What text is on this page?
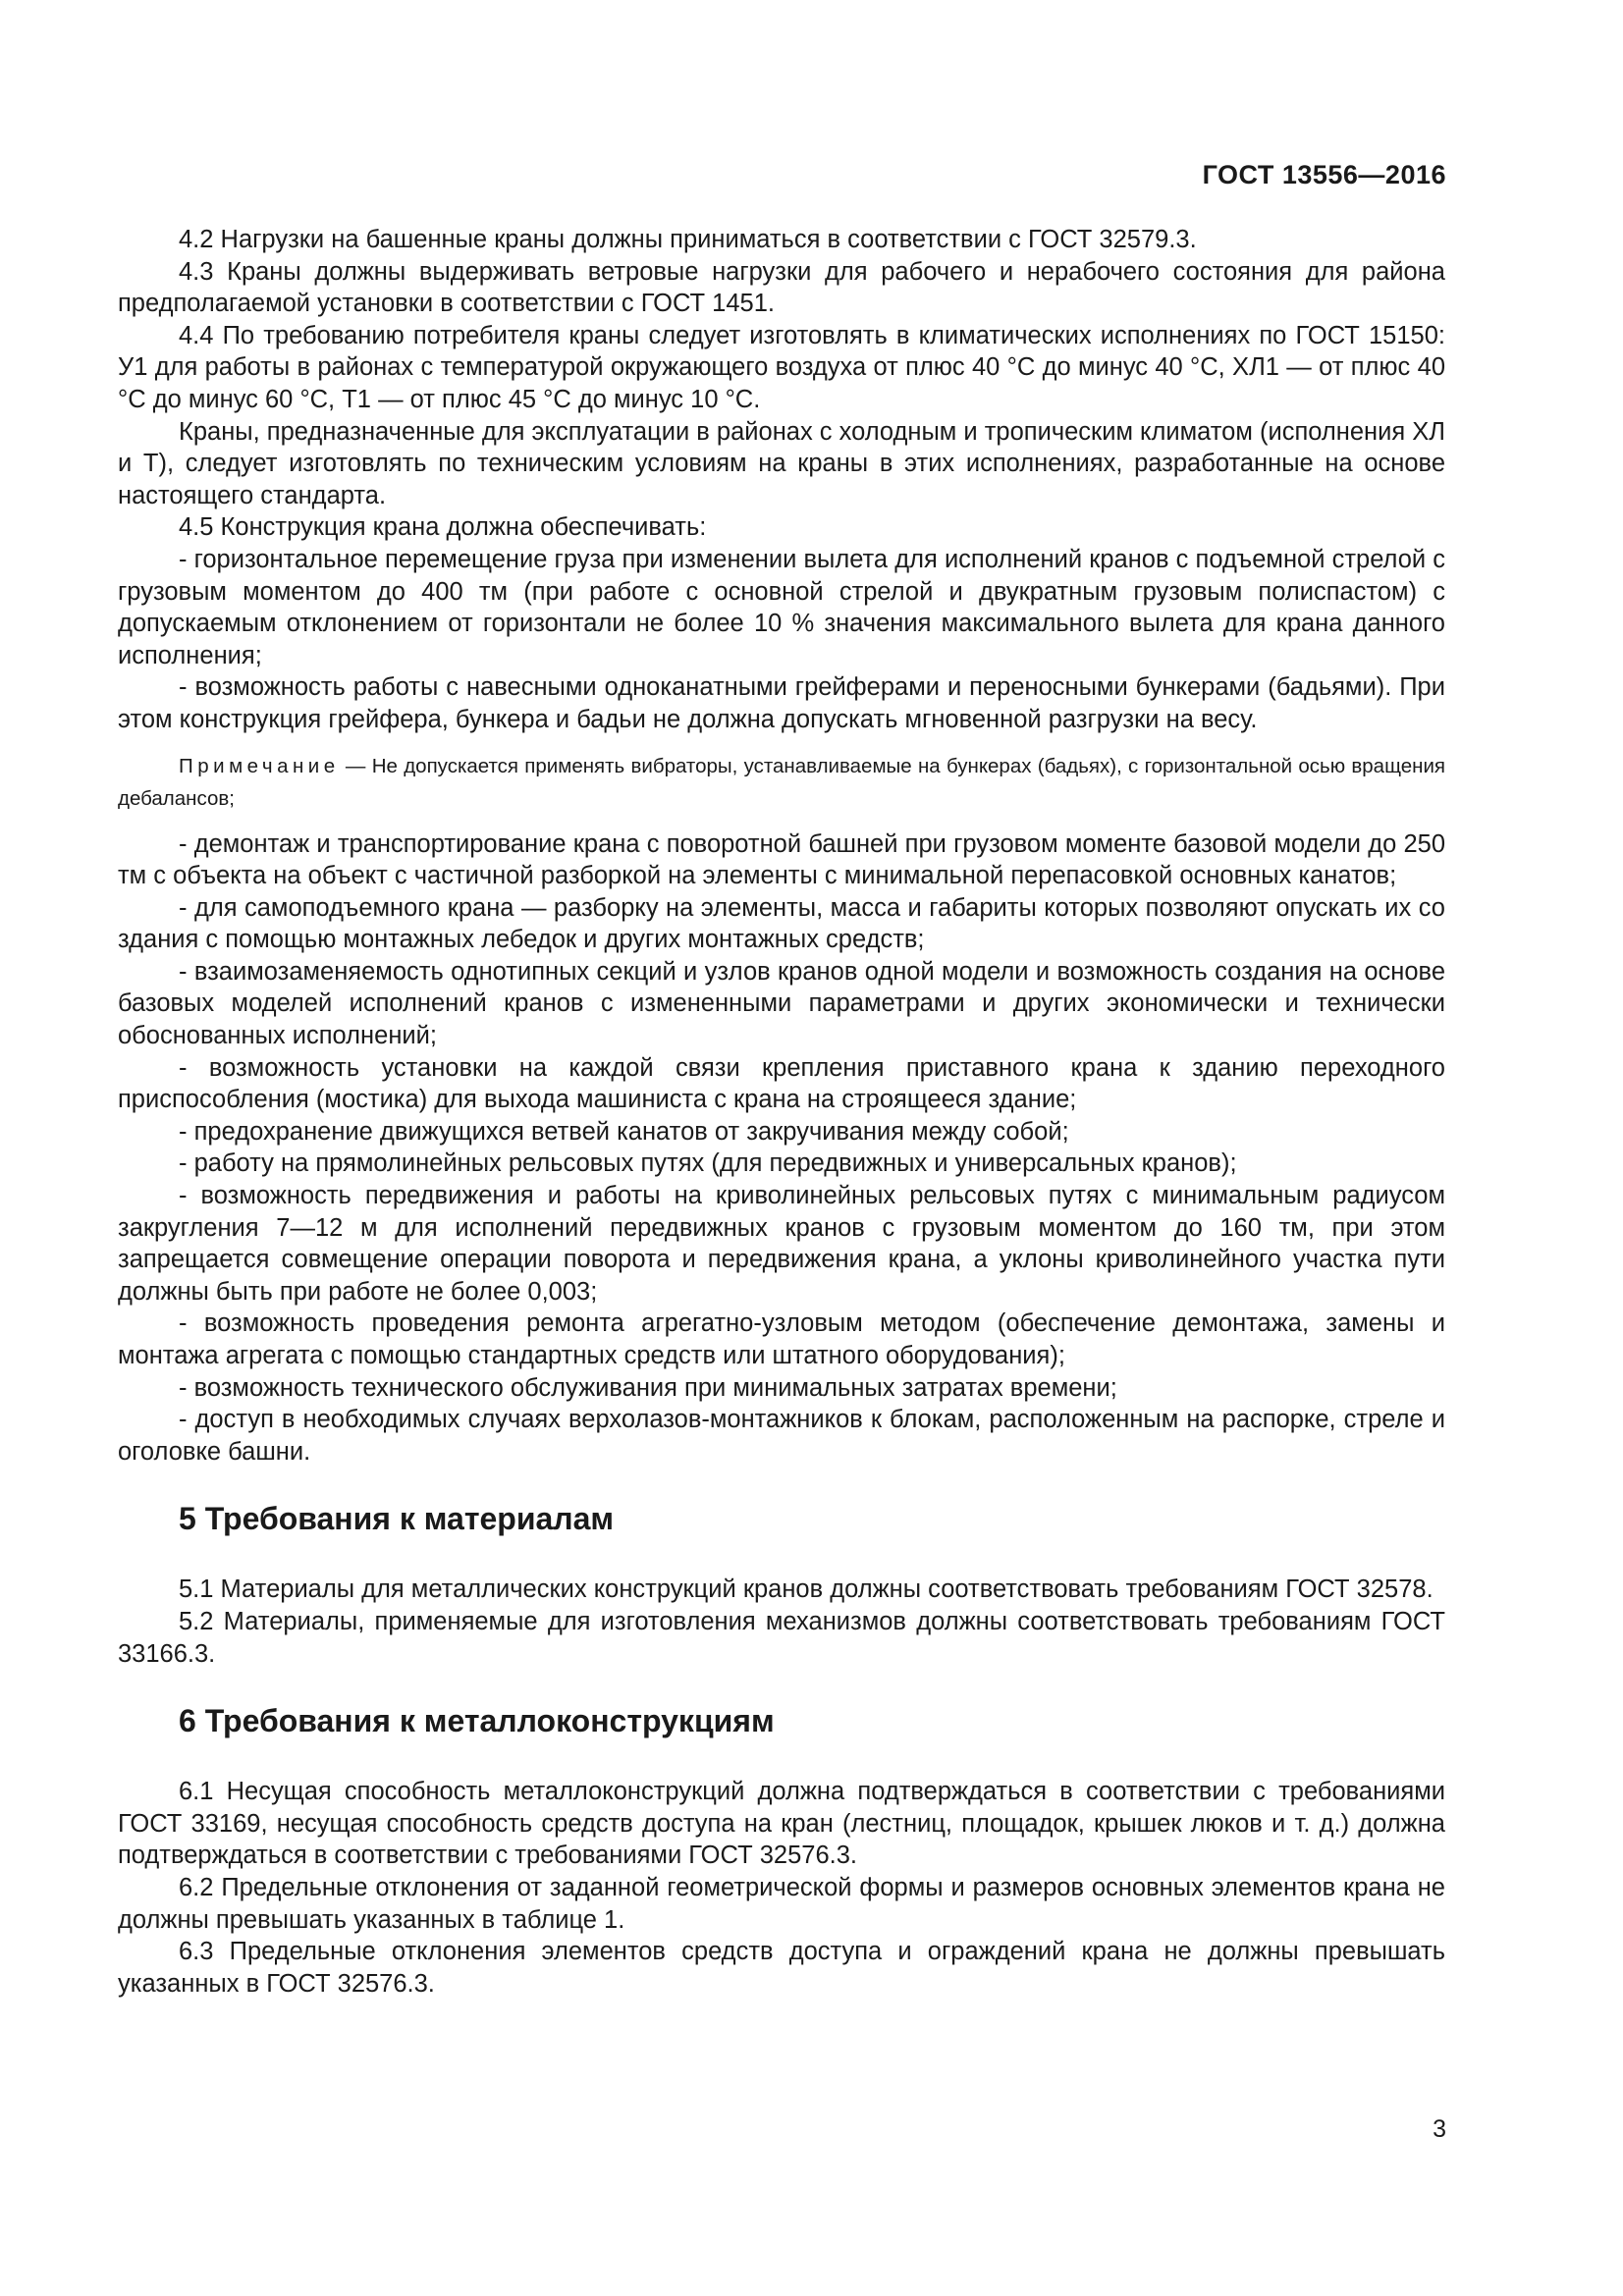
ГОСТ 13556—2016

4.2 Нагрузки на башенные краны должны приниматься в соответствии с ГОСТ 32579.3.

4.3 Краны должны выдерживать ветровые нагрузки для рабочего и нерабочего состояния для района предполагаемой установки в соответствии с ГОСТ 1451.

4.4 По требованию потребителя краны следует изготовлять в климатических исполнениях по ГОСТ 15150: У1 для работы в районах с температурой окружающего воздуха от плюс 40 °С до минус 40 °С, ХЛ1 — от плюс 40 °С до минус 60 °С, Т1 — от плюс 45 °С до минус 10 °С.

Краны, предназначенные для эксплуатации в районах с холодным и тропическим климатом (исполнения ХЛ и Т), следует изготовлять по техническим условиям на краны в этих исполнениях, разработанные на основе настоящего стандарта.

4.5 Конструкция крана должна обеспечивать:

- горизонтальное перемещение груза при изменении вылета для исполнений кранов с подъемной стрелой с грузовым моментом до 400 тм (при работе с основной стрелой и двукратным грузовым полиспастом) с допускаемым отклонением от горизонтали не более 10 % значения максимального вылета для крана данного исполнения;

- возможность работы с навесными одноканатными грейферами и переносными бункерами (бадьями). При этом конструкция грейфера, бункера и бадьи не должна допускать мгновенной разгрузки на весу.

Примечание — Не допускается применять вибраторы, устанавливаемые на бункерах (бадьях), с горизонтальной осью вращения дебалансов;

- демонтаж и транспортирование крана с поворотной башней при грузовом моменте базовой модели до 250 тм с объекта на объект с частичной разборкой на элементы с минимальной перепасовкой основных канатов;

- для самоподъемного крана — разборку на элементы, масса и габариты которых позволяют опускать их со здания с помощью монтажных лебедок и других монтажных средств;

- взаимозаменяемость однотипных секций и узлов кранов одной модели и возможность создания на основе базовых моделей исполнений кранов с измененными параметрами и других экономически и технически обоснованных исполнений;

- возможность установки на каждой связи крепления приставного крана к зданию переходного приспособления (мостика) для выхода машиниста с крана на строящееся здание;

- предохранение движущихся ветвей канатов от закручивания между собой;

- работу на прямолинейных рельсовых путях (для передвижных и универсальных кранов);

- возможность передвижения и работы на криволинейных рельсовых путях с минимальным радиусом закругления 7—12 м для исполнений передвижных кранов с грузовым моментом до 160 тм, при этом запрещается совмещение операции поворота и передвижения крана, а уклоны криволинейного участка пути должны быть при работе не более 0,003;

- возможность проведения ремонта агрегатно-узловым методом (обеспечение демонтажа, замены и монтажа агрегата с помощью стандартных средств или штатного оборудования);

- возможность технического обслуживания при минимальных затратах времени;

- доступ в необходимых случаях верхолазов-монтажников к блокам, расположенным на распорке, стреле и оголовке башни.

5 Требования к материалам

5.1 Материалы для металлических конструкций кранов должны соответствовать требованиям ГОСТ 32578.

5.2 Материалы, применяемые для изготовления механизмов должны соответствовать требованиям ГОСТ 33166.3.

6 Требования к металлоконструкциям

6.1 Несущая способность металлоконструкций должна подтверждаться в соответствии с требованиями ГОСТ 33169, несущая способность средств доступа на кран (лестниц, площадок, крышек люков и т. д.) должна подтверждаться в соответствии с требованиями ГОСТ 32576.3.

6.2 Предельные отклонения от заданной геометрической формы и размеров основных элементов крана не должны превышать указанных в таблице 1.

6.3 Предельные отклонения элементов средств доступа и ограждений крана не должны превышать указанных в ГОСТ 32576.3.

3
